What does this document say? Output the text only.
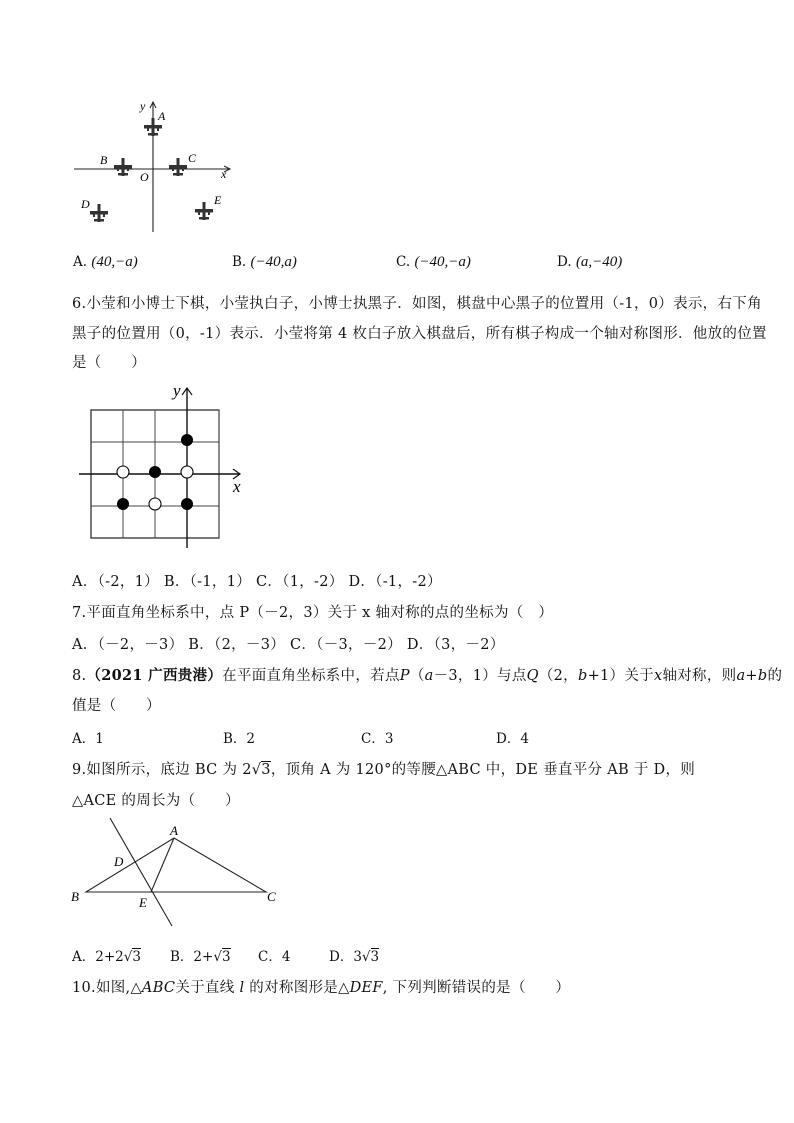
y
x
O
A
B	C
D	E
A. (40,−a)	B. (−40,a)	C. (−40,−a)	D. (a,−40)
6.小莹和小博士下棋，小莹执白子，小博士执黑子．如图，棋盘中心黑子的位置用（-1，0）表示，右下角
黑子的位置用（0，-1）表示．小莹将第 4 枚白子放入棋盘后，所有棋子构成一个轴对称图形．他放的位置
是（　　）
y
x
A．（-2，1） B．（-1，1） C．（1，-2） D．（-1，-2）
7.平面直角坐标系中，点 P（－2，3）关于 x 轴对称的点的坐标为（　）
A．（－2，－3） B．（2，－3） C．（－3，－2） D．（3，－2）
8.（2021 广西贵港）在平面直角坐标系中，若点P（a－3，1）与点Q（2，b+1）关于x轴对称，则a+b的
值是（　　）
A．1	B．2	C．3	D．4
9.如图所示，底边 BC 为 2√3，顶角 A 为 120°的等腰△ABC 中，DE 垂直平分 AB 于 D，则
△ACE 的周长为（　　）
A
B	C
D
E
A．2+2√3 B．2+√3 C．4	D．3√3
10.如图,△ABC关于直线 l 的对称图形是△DEF, 下列判断错误的是（　　）
